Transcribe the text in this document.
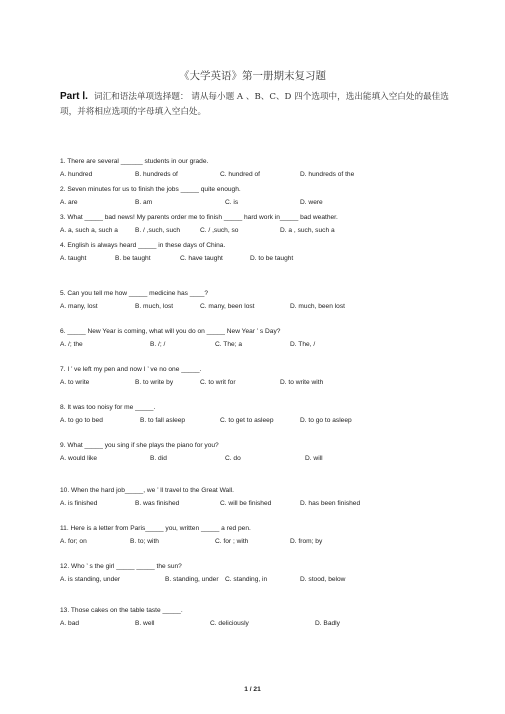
《大学英语》第一册期末复习题
Part Ⅰ. 词汇和语法单项选择题： 请从每小题 A 、B、C、D 四个选项中，选出能填入空白处的最佳选项，并将相应选项的字母填入空白处。
1. There are several ______ students in our grade.
A. hundred	B. hundreds of	C. hundred of	D. hundreds of the
2. Seven minutes for us to finish the jobs _____ quite enough.
A. are	B. am	C. is	D. were
3. What _____ bad news! My parents order me to finish _____ hard work in_____ bad weather.
A. a, such a, such a	B. / ,such, such	C. / ,such, so	D. a , such, such a
4. English is always heard _____ in these days of China.
A. taught	B. be taught	C. have taught	D. to be taught
5. Can you tell me how _____ medicine has ____?
A. many, lost	B. much, lost	C. many, been lost	D. much, been lost
6. _____ New Year is coming, what will you do on _____ New Year ’ s Day?
A. /; the	B. /; /	C. The; a	D. The, /
7. I ’ ve left my pen and now I ’ ve no one _____.
A. to write	B. to write by	C. to writ for	D. to write with
8. It was too noisy for me _____.
A. to go to bed	B. to fall asleep	C. to get to asleep	D. to go to asleep
9. What _____ you sing if she plays the piano for you?
A. would like	B. did	C. do	D. will
10. When the hard job_____, we ’ ll travel to the Great Wall.
A. is finished	B. was finished	C. will be finished	D. has been finished
11. Here is a letter from Paris_____ you, written _____ a red pen.
A. for; on	B. to; with	C. for ; with	D. from; by
12. Who ’ s the girl _____ _____ the sun?
A. is standing, under	B. standing, under C. standing, in	D. stood, below
13. Those cakes on the table taste _____.
A. bad	B. well	C. deliciously	D. Badly
1 / 21
